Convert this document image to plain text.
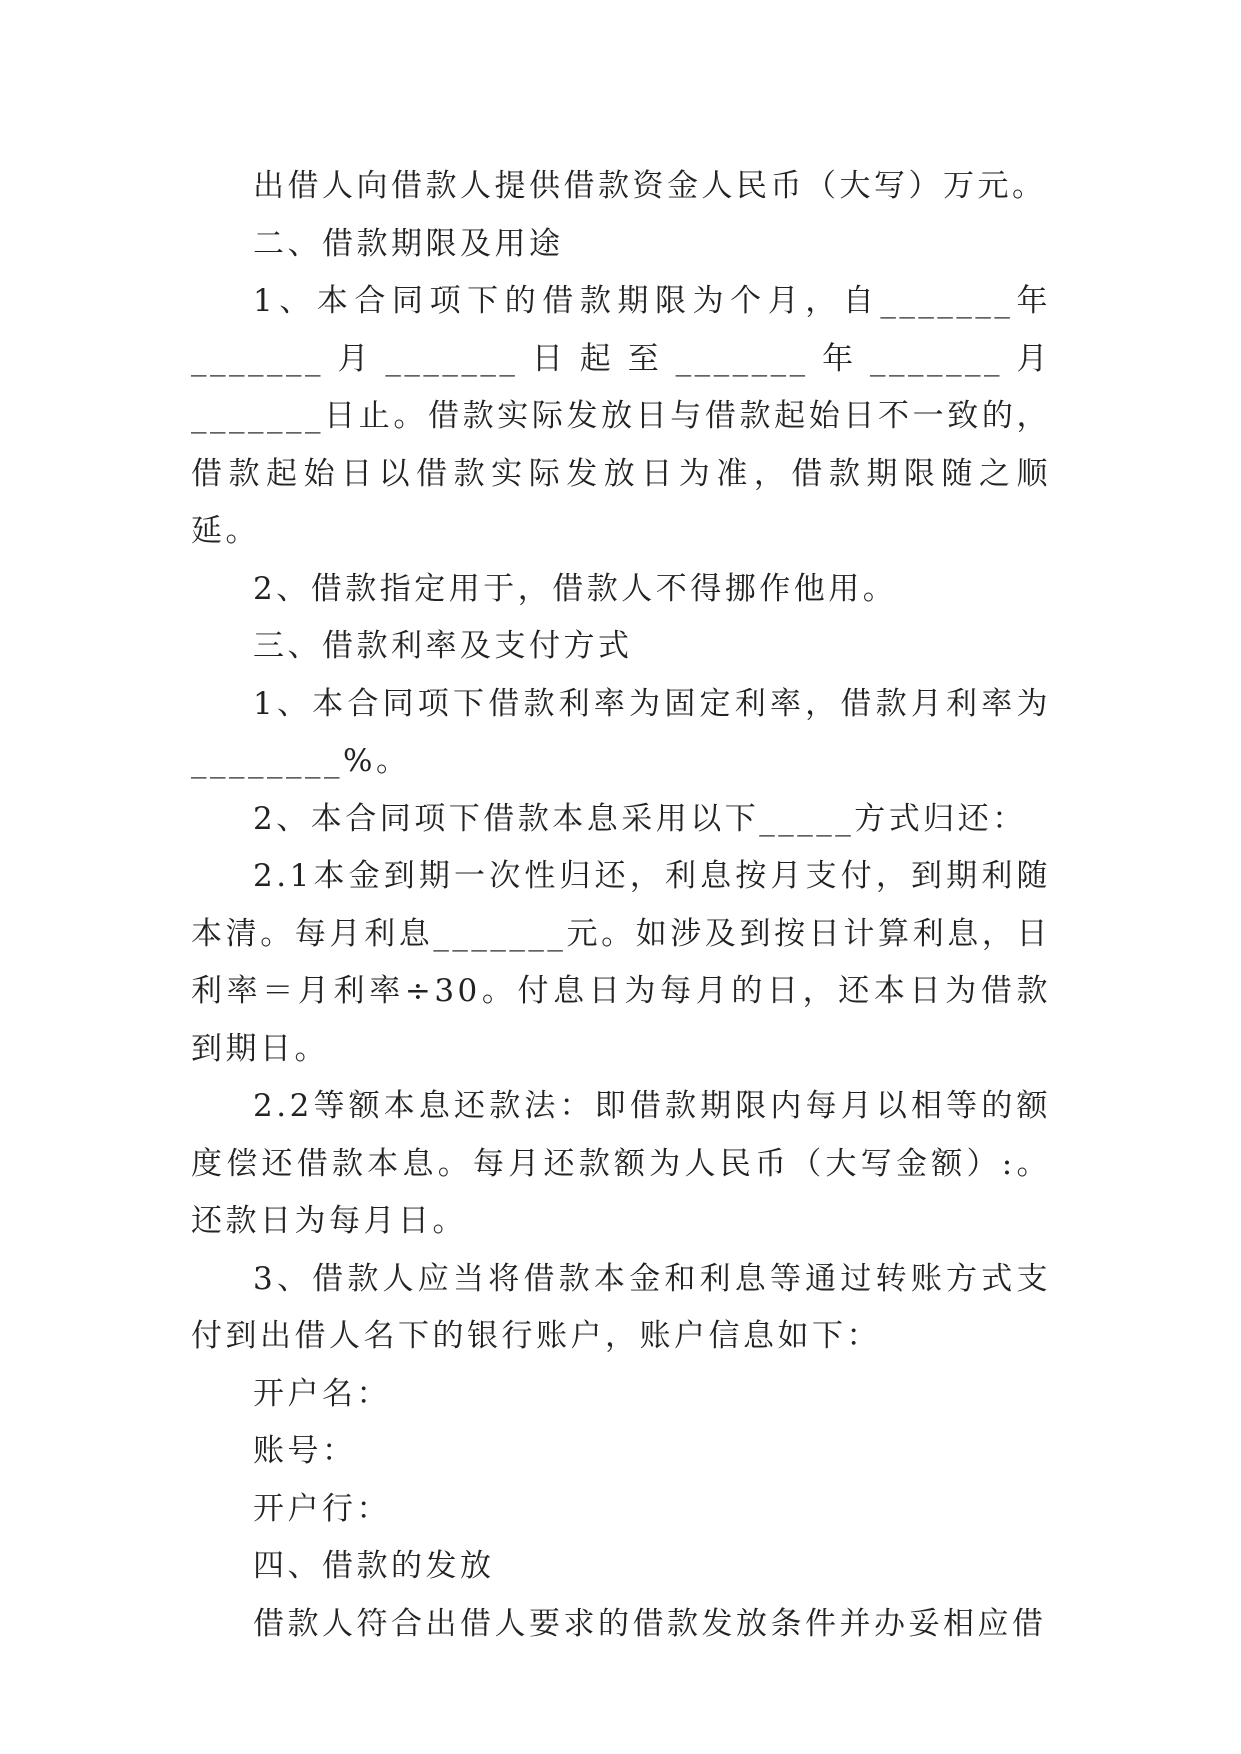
出借人向借款人提供借款资金人民币（大写）万元。

二、借款期限及用途

1、本合同项下的借款期限为个月，自_______年_______月_______日起至_______年_______月_______日止。借款实际发放日与借款起始日不一致的，借款起始日以借款实际发放日为准，借款期限随之顺延。

2、借款指定用于，借款人不得挪作他用。

三、借款利率及支付方式

1、本合同项下借款利率为固定利率，借款月利率为________%。

2、本合同项下借款本息采用以下_____方式归还：

2.1本金到期一次性归还，利息按月支付，到期利随本清。每月利息_______元。如涉及到按日计算利息，日利率＝月利率÷30。付息日为每月的日，还本日为借款到期日。

2.2等额本息还款法：即借款期限内每月以相等的额度偿还借款本息。每月还款额为人民币（大写金额）:。还款日为每月日。

3、借款人应当将借款本金和利息等通过转账方式支付到出借人名下的银行账户，账户信息如下：

开户名：

账号：

开户行：

四、借款的发放

借款人符合出借人要求的借款发放条件并办妥相应借
